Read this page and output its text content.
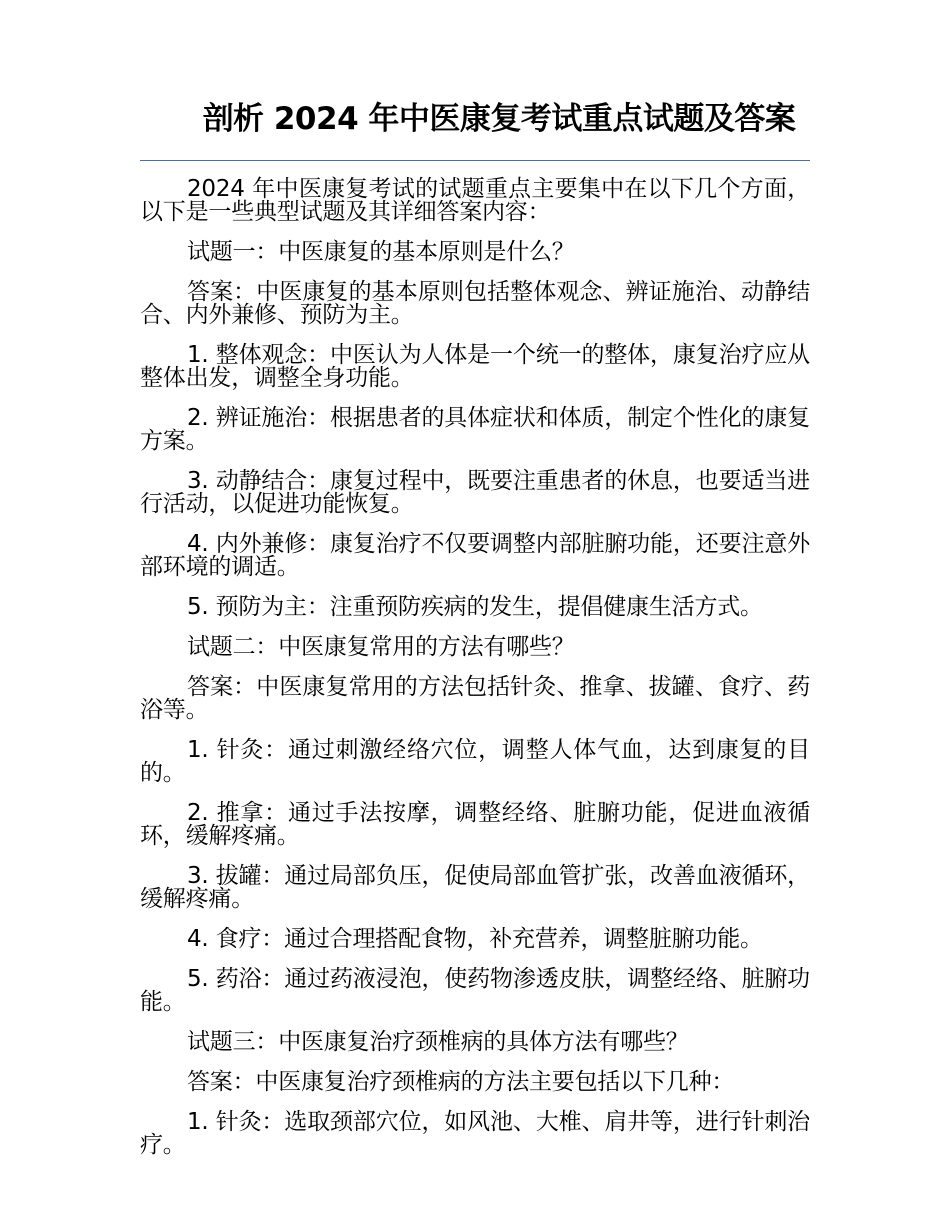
剖析 2024 年中医康复考试重点试题及答案

2024 年中医康复考试的试题重点主要集中在以下几个方面，以下是一些典型试题及其详细答案内容：

试题一：中医康复的基本原则是什么？

答案：中医康复的基本原则包括整体观念、辨证施治、动静结合、内外兼修、预防为主。

1. 整体观念：中医认为人体是一个统一的整体，康复治疗应从整体出发，调整全身功能。

2. 辨证施治：根据患者的具体症状和体质，制定个性化的康复方案。

3. 动静结合：康复过程中，既要注重患者的休息，也要适当进行活动，以促进功能恢复。

4. 内外兼修：康复治疗不仅要调整内部脏腑功能，还要注意外部环境的调适。

5. 预防为主：注重预防疾病的发生，提倡健康生活方式。

试题二：中医康复常用的方法有哪些？

答案：中医康复常用的方法包括针灸、推拿、拔罐、食疗、药浴等。

1. 针灸：通过刺激经络穴位，调整人体气血，达到康复的目的。

2. 推拿：通过手法按摩，调整经络、脏腑功能，促进血液循环，缓解疼痛。

3. 拔罐：通过局部负压，促使局部血管扩张，改善血液循环，缓解疼痛。

4. 食疗：通过合理搭配食物，补充营养，调整脏腑功能。

5. 药浴：通过药液浸泡，使药物渗透皮肤，调整经络、脏腑功能。

试题三：中医康复治疗颈椎病的具体方法有哪些？

答案：中医康复治疗颈椎病的方法主要包括以下几种：

1. 针灸：选取颈部穴位，如风池、大椎、肩井等，进行针刺治疗。
